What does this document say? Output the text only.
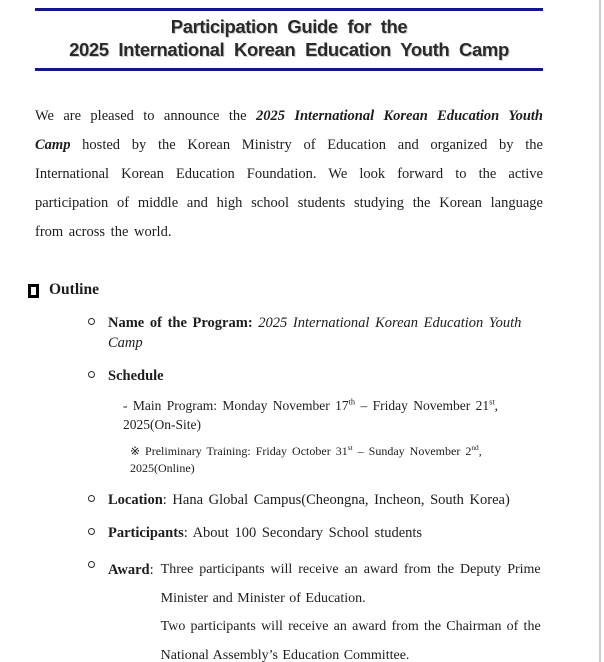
Participation Guide for the
2025 International Korean Education Youth Camp

We are pleased to announce the 2025 International Korean Education Youth Camp hosted by the Korean Ministry of Education and organized by the International Korean Education Foundation. We look forward to the active participation of middle and high school students studying the Korean language from across the world.

Outline
Name of the Program: 2025 International Korean Education Youth Camp
Schedule
- Main Program: Monday November 17th – Friday November 21st, 2025(On-Site)
※ Preliminary Training: Friday October 31st – Sunday November 2nd, 2025(Online)
Location: Hana Global Campus(Cheongna, Incheon, South Korea)
Participants: About 100 Secondary School students
Award: Three participants will receive an award from the Deputy Prime Minister and Minister of Education.

Two participants will receive an award from the Chairman of the National Assembly’s Education Committee.
